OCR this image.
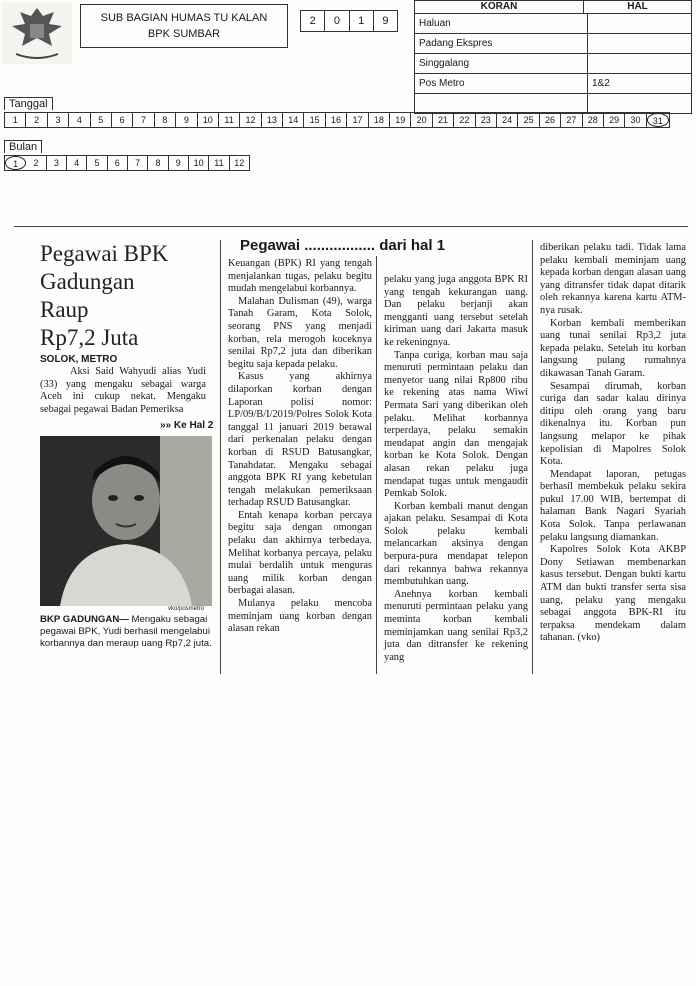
SUB BAGIAN HUMAS TU KALAN
BPK SUMBAR
2	0	1	9
KORAN	HAL
Haluan
Padang Ekspres
Singgalang
Pos Metro	1&2
Tanggal
1	2	3	4	5	6	7	8	9	10	11	12	13	14	15	16	17	18	19	20	21	22	23	24	25	26	27	28	29	30	31
Bulan
1	2	3	4	5	6	7	8	9	10	11	12
Pegawai BPK
Gadungan
Raup
Rp7,2 Juta
SOLOK, METRO

Aksi Said Wahyudi alias Yudi (33) yang mengaku sebagai warga Aceh ini cukup nekat. Mengaku sebagai pegawai Badan Pemeriksa

»» Ke Hal 2
vko/posmetro
BKP GADUNGAN— Mengaku sebagai pegawai BPK, Yudi berhasil mengelabui korbannya dan meraup uang Rp7,2 juta.
Pegawai ................. dari hal 1

Keuangan (BPK) RI yang tengah menjalankan tugas, pelaku begitu mudah mengelabui korbannya.

Malahan Dulisman (49), warga Tanah Garam, Kota Solok, seorang PNS yang menjadi korban, rela merogoh koceknya senilai Rp7,2 juta dan diberikan begitu saja kepada pelaku.

Kasus yang akhirnya dilaporkan korban dengan Laporan polisi nomor: LP/09/B/I/2019/Polres Solok Kota tanggal 11 januari 2019 berawal dari perkenalan pelaku dengan korban di RSUD Batusangkar, Tanahdatar. Mengaku sebagai anggota BPK RI yang kebetulan tengah melakukan pemeriksaan terhadap RSUD Batusangkar.

Entah kenapa korban percaya begitu saja dengan omongan pelaku dan akhirnya terbedaya. Melihat korbanya percaya, pelaku mulai berdalih untuk menguras uang milik korban dengan berbagai alasan.

Mulanya pelaku mencoba meminjam uang korban dengan alasan rekan

pelaku yang juga anggota BPK RI yang tengah kekurangan uang. Dan pelaku berjanji akan mengganti uang tersebut setelah kiriman uang dari Jakarta masuk ke rekeningnya.

Tanpa curiga, korban mau saja menuruti permintaan pelaku dan menyetor uang nilai Rp800 ribu ke rekening atas nama Wiwi Permata Sari yang diberikan oleh pelaku. Melihat korbannya terperdaya, pelaku semakin mendapat angin dan mengajak korban ke Kota Solok. Dengan alasan rekan pelaku juga mendapat tugas untuk mengaudit Pemkab Solok.

Korban kembali manut dengan ajakan pelaku. Sesampai di Kota Solok pelaku kembali melancarkan aksinya dengan berpura-pura mendapat telepon dari rekannya bahwa rekannya membutuhkan uang.

Anehnya korban kembali menuruti permintaan pelaku yang meminta korban kembali meminjamkan uang senilai Rp3,2 juta dan ditransfer ke rekening yang

diberikan pelaku tadi. Tidak lama pelaku kembali meminjam uang kepada korban dengan alasan uang yang ditransfer tidak dapat ditarik oleh rekannya karena kartu ATM-nya rusak.

Korban kembali memberikan uang tunai senilai Rp3,2 juta kepada pelaku. Setelah itu korban langsung pulang rumahnya dikawasan Tanah Garam.

Sesampai dirumah, korban curiga dan sadar kalau dirinya ditipu oleh orang yang baru dikenalnya itu. Korban pun langsung melapor ke pihak kepolisian di Mapolres Solok Kota.

Mendapat laporan, petugas berhasil membekuk pelaku sekira pukul 17.00 WIB, bertempat di halaman Bank Nagari Syariah Kota Solok. Tanpa perlawanan pelaku langsung diamankan.

Kapolres Solok Kota AKBP Dony Setiawan membenarkan kasus tersebut. Dengan bukti kartu ATM dan bukti transfer serta sisa uang, pelaku yang mengaku sebagai anggota BPK-RI itu terpaksa mendekam dalam tahanan. (vko)
